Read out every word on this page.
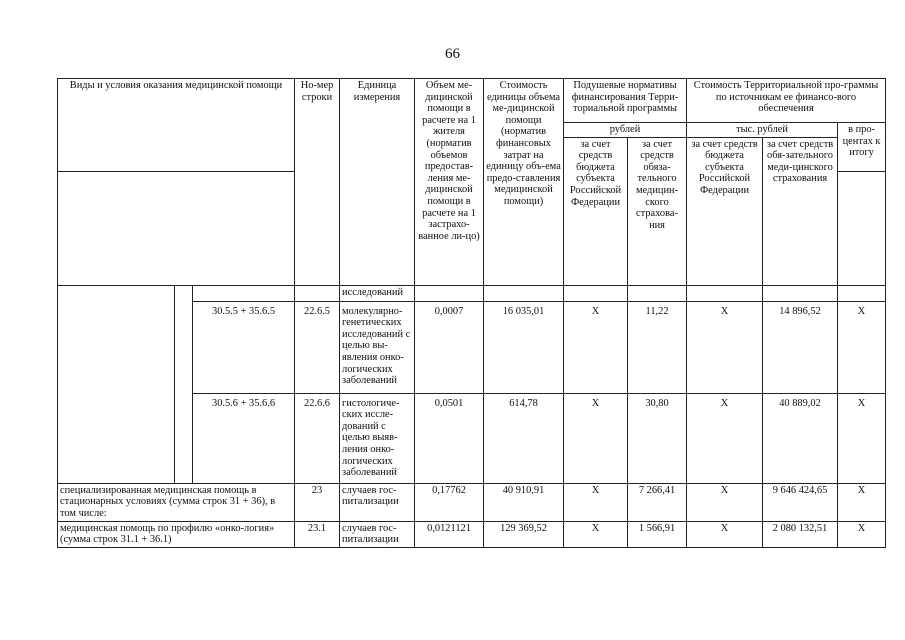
66
Виды и условия оказания медицинской помощи			Но-мер строки	Единица измерения	Объем ме-дицинской помощи в расчете на 1 жителя (норматив объемов предостав-ления ме-дицинской помощи в расчете на 1 застрахо-ванное ли-цо)	Стоимость единицы объема ме-дицинской помощи (норматив финансовых затрат на единицу объ-ема предо-ставления медицинской помощи)	Подушевые нормативы финансирования Терри-ториальной программы		Стоимость Территориальной про-граммы по источникам ее финансо-вого обеспечения		
							рублей		тыс. рублей		в про-центах к итогу
							за счет средств бюджета субъекта Российской Федерации	за счет средств обяза-тельного медицин-ского страхова-ния	за счет средств бюджета субъекта Российской Федерации	за счет средств обя-зательного меди-цинского страхования	

				исследований							
		30.5.5 + 35.6.5	22.6.5	молекулярно-генетических исследований с целью вы-явления онко-логических заболеваний	0,0007	16 035,01	X	11,22	X	14 896,52	X
		30.5.6 + 35.6.6	22.6.6	гистологиче-ских иссле-дований с целью выяв-ления онко-логических заболеваний	0,0501	614,78	X	30,80	X	40 889,02	X
специализированная медицинская помощь в стационарных условиях (сумма строк 31 + 36), в том числе:			23	случаев гос-питализации	0,17762	40 910,91	X	7 266,41	X	9 646 424,65	X
медицинская помощь по профилю «онко-логия» (сумма строк 31.1 + 36.1)			23.1	случаев гос-питализации	0,0121121	129 369,52	X	1 566,91	X	2 080 132,51	X
